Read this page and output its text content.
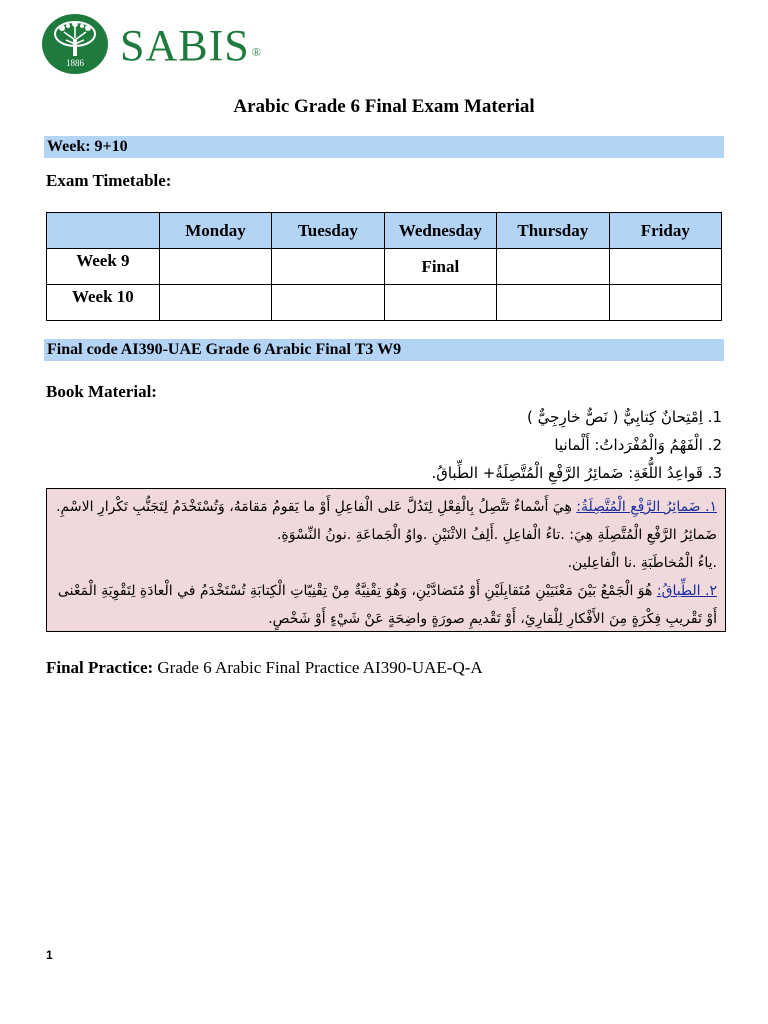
1886 SABIS ®
Arabic Grade 6 Final Exam Material
Week: 9+10
Exam Timetable:
	Monday	Tuesday	Wednesday	Thursday	Friday
Week 9			Final		
Week 10					
Final code AI390-UAE Grade 6 Arabic Final T3 W9
Book Material:
1. اِمْتِحانٌ كِتابِيٌّ ( نَصٌّ خارِجِيٌّ )
2. الْفَهْمُ وَالْمُفْرَداتُ: أَلْمانيا
3. قَواعِدُ اللُّغَةِ: ضَمائِرُ الرَّفْعِ الْمُتَّصِلَةُ+ الطِّباقُ.
١. ضَمائِرُ الرَّفْعِ الْمُتَّصِلَةُ: هِيَ أَسْماءٌ تَتَّصِلُ بِالْفِعْلِ لِتَدُلَّ عَلى الْفاعِلِ أَوْ ما يَقومُ مَقامَهُ، وَتُسْتَخْدَمُ لِتَجَنُّبِ تَكْرارِ الاسْمِ.
ضَمائِرُ الرَّفْعِ الْمُتَّصِلَةِ هِيَ: .تاءُ الْفاعِلِ .أَلِفُ الاثْنَيْنِ .واوُ الْجَماعَةِ .نونُ النِّسْوَةِ.
.ياءُ الْمُخاطَبَةِ .نا الْفاعِلين.
٢. الطِّباقُ: هُوَ الْجَمْعُ بَيْنَ مَعْنَيَيْنِ مُتَقابِلَيْنِ أَوْ مُتَضادَّيْنِ، وَهُوَ تِقْنِيَّةٌ مِنْ تِقْنِيّاتِ الْكِتابَةِ تُسْتَخْدَمُ في الْعادَةِ لِتَقْوِيَةِ الْمَعْنى
أَوْ تَقْريبِ فِكْرَةٍ مِنَ الأَفْكارِ لِلْقارِئِ، أَوْ تَقْديمِ صورَةٍ واضِحَةٍ عَنْ شَيْءٍ أَوْ شَخْصٍ.
Final Practice: Grade 6 Arabic Final Practice AI390-UAE-Q-A
1
